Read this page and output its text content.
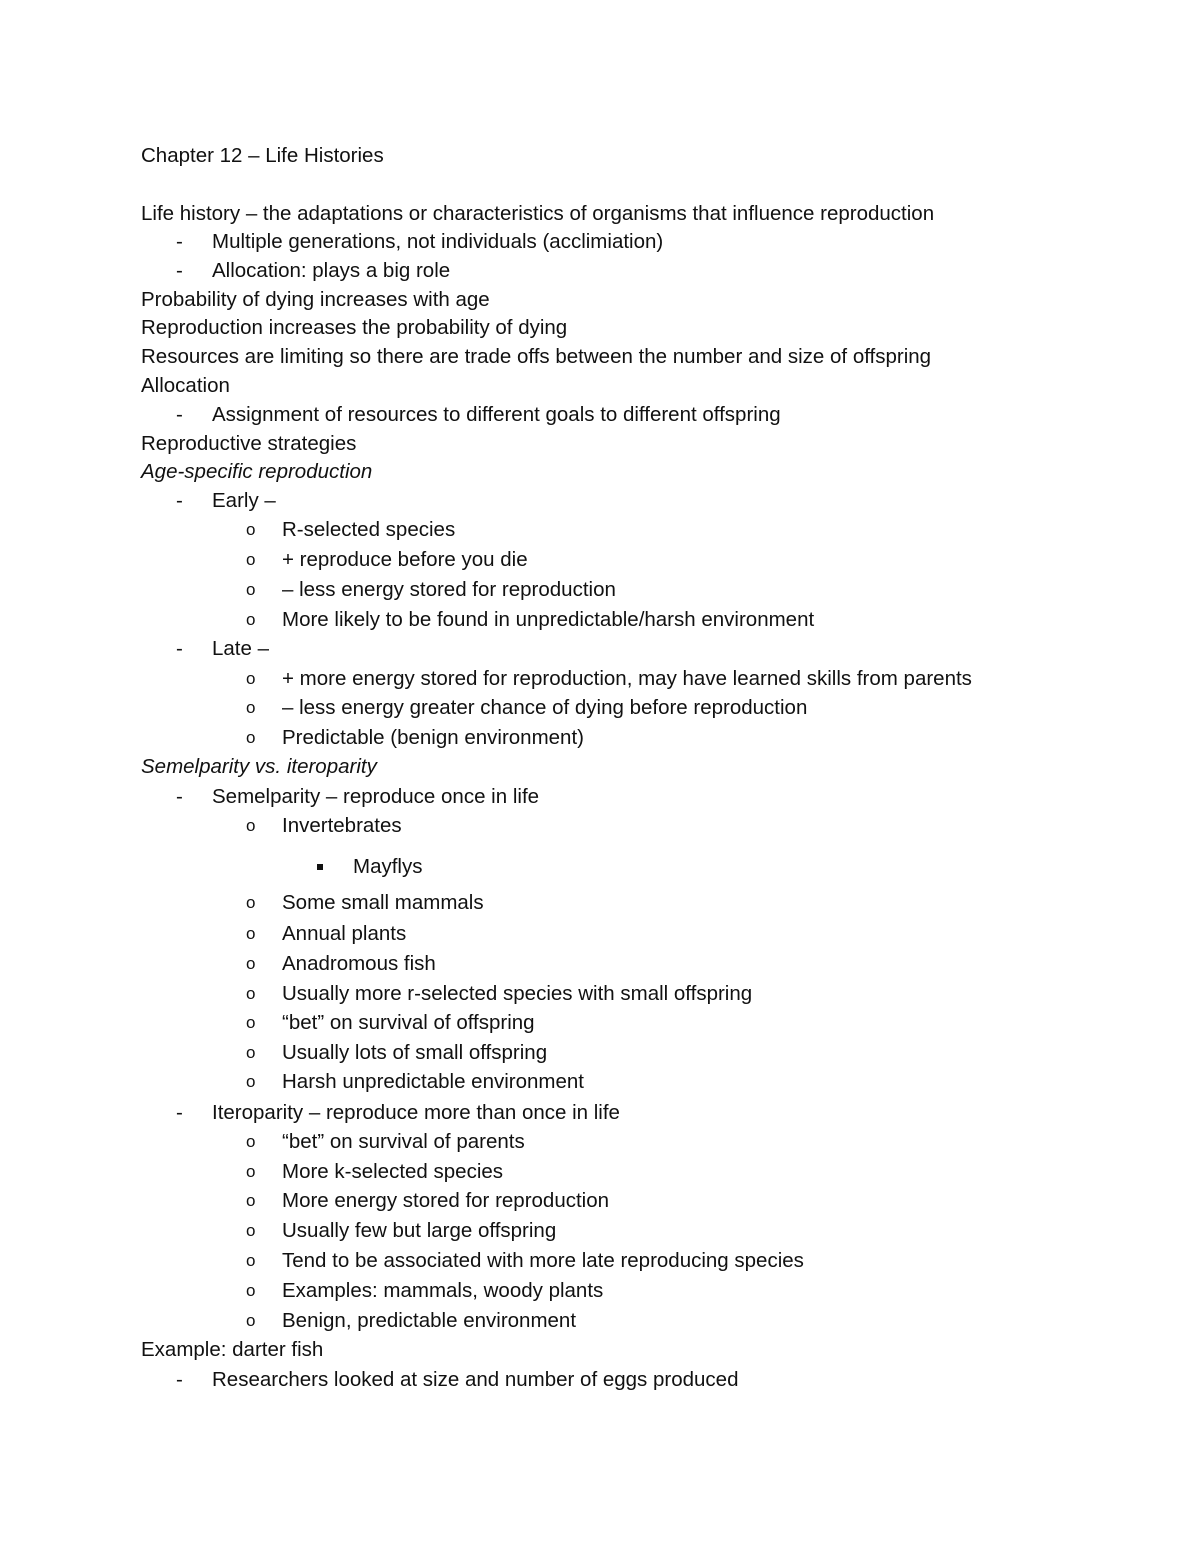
Chapter 12 – Life Histories
Life history – the adaptations or characteristics of organisms that influence reproduction
- Multiple generations, not individuals (acclimiation)
- Allocation: plays a big role
Probability of dying increases with age
Reproduction increases the probability of dying
Resources are limiting so there are trade offs between the number and size of offspring
Allocation
- Assignment of resources to different goals to different offspring
Reproductive strategies
Age-specific reproduction
- Early –
o R-selected species
o + reproduce before you die
o – less energy stored for reproduction
o More likely to be found in unpredictable/harsh environment
- Late –
o + more energy stored for reproduction, may have learned skills from parents
o – less energy greater chance of dying before reproduction
o Predictable (benign environment)
Semelparity vs. iteroparity
- Semelparity – reproduce once in life
o Invertebrates
Mayflys
o Some small mammals
o Annual plants
o Anadromous fish
o Usually more r-selected species with small offspring
o “bet” on survival of offspring
o Usually lots of small offspring
o Harsh unpredictable environment
- Iteroparity – reproduce more than once in life
o “bet” on survival of parents
o More k-selected species
o More energy stored for reproduction
o Usually few but large offspring
o Tend to be associated with more late reproducing species
o Examples: mammals, woody plants
o Benign, predictable environment
Example: darter fish
- Researchers looked at size and number of eggs produced
